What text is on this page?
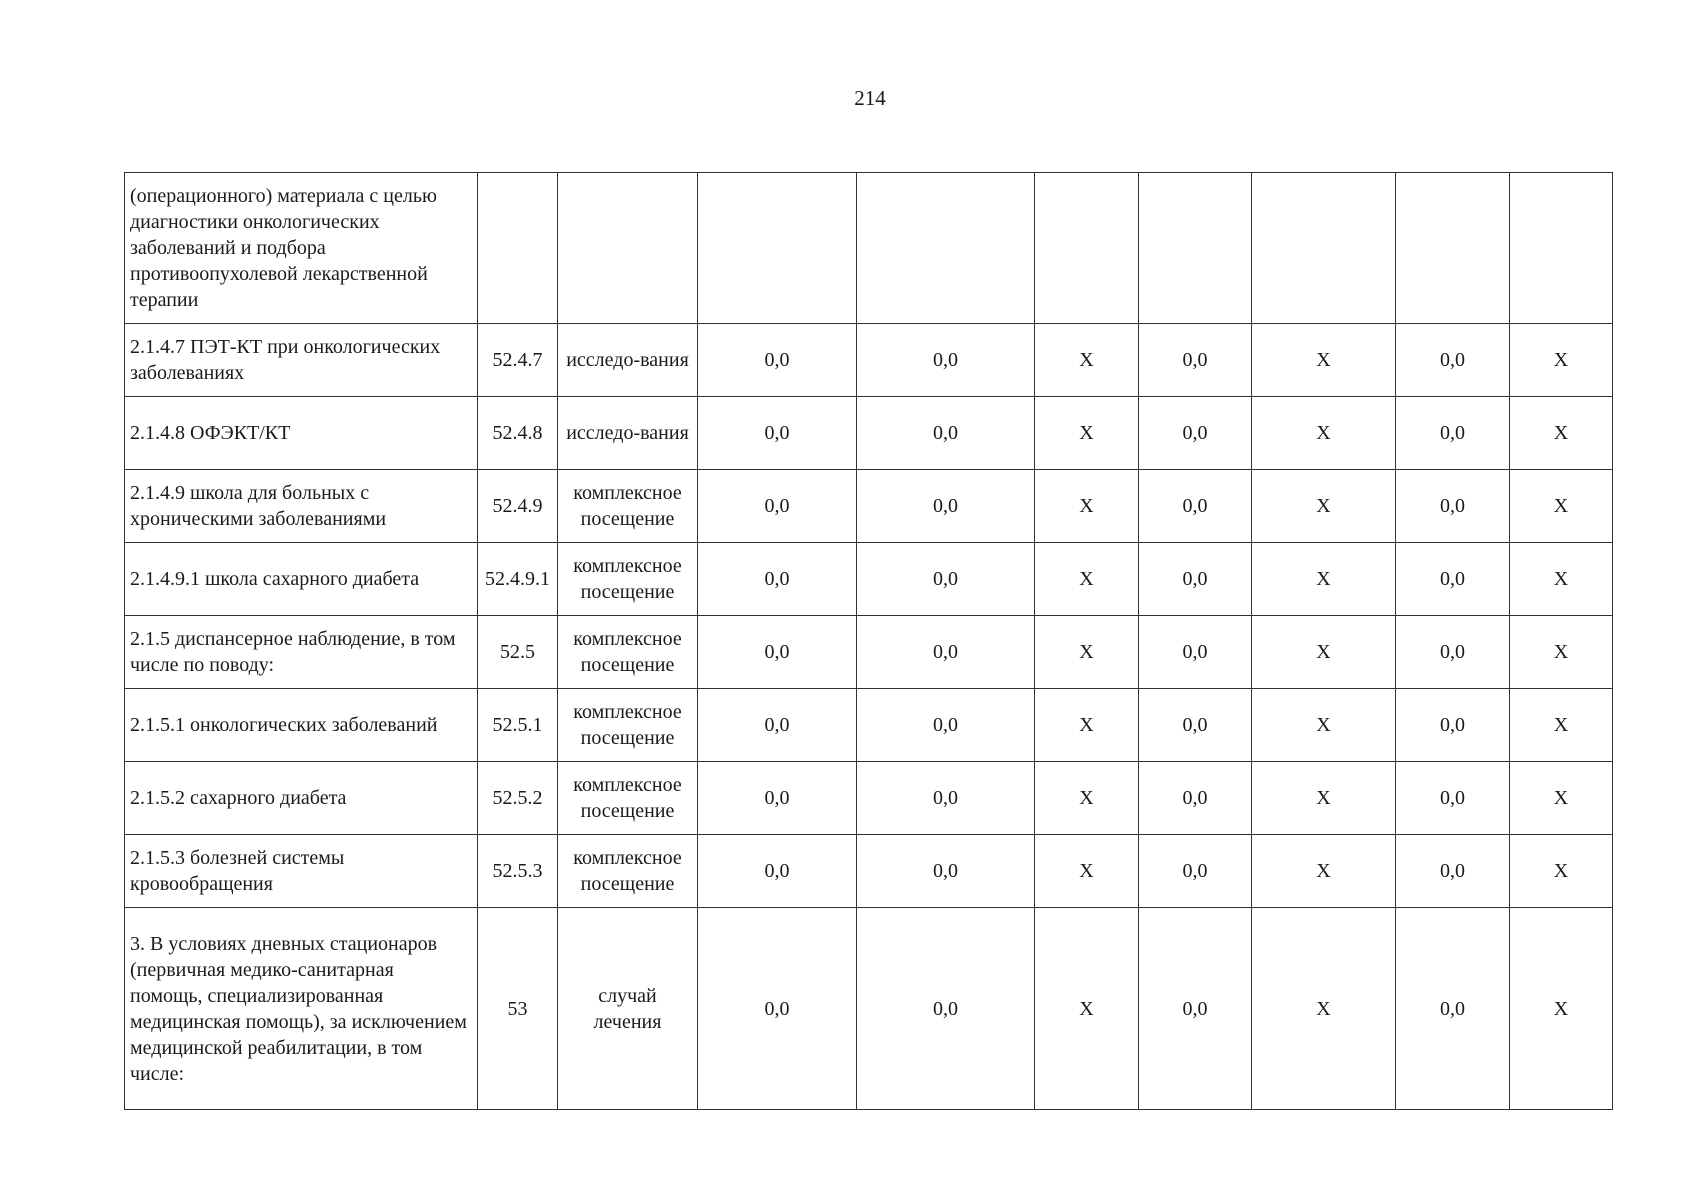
214
(операционного) материала с целью диагностики онкологических заболеваний и подбора противоопухолевой лекарственной терапии									
2.1.4.7 ПЭТ-КТ при онкологических заболеваниях	52.4.7	исследо-вания	0,0	0,0	Х	0,0	Х	0,0	Х
2.1.4.8 ОФЭКТ/КТ	52.4.8	исследо-вания	0,0	0,0	Х	0,0	Х	0,0	Х
2.1.4.9 школа для больных с хроническими заболеваниями	52.4.9	комплексное посещение	0,0	0,0	Х	0,0	Х	0,0	Х
2.1.4.9.1 школа сахарного диабета	52.4.9.1	комплексное посещение	0,0	0,0	Х	0,0	Х	0,0	Х
2.1.5 диспансерное наблюдение, в том числе по поводу:	52.5	комплексное посещение	0,0	0,0	Х	0,0	Х	0,0	Х
2.1.5.1 онкологических заболеваний	52.5.1	комплексное посещение	0,0	0,0	Х	0,0	Х	0,0	Х
2.1.5.2 сахарного диабета	52.5.2	комплексное посещение	0,0	0,0	Х	0,0	Х	0,0	Х
2.1.5.3 болезней системы кровообращения	52.5.3	комплексное посещение	0,0	0,0	Х	0,0	Х	0,0	Х
3. В условиях дневных стационаров (первичная медико-санитарная помощь, специализированная медицинская помощь), за исключением медицинской реабилитации, в том числе:	53	случай лечения	0,0	0,0	Х	0,0	Х	0,0	Х
